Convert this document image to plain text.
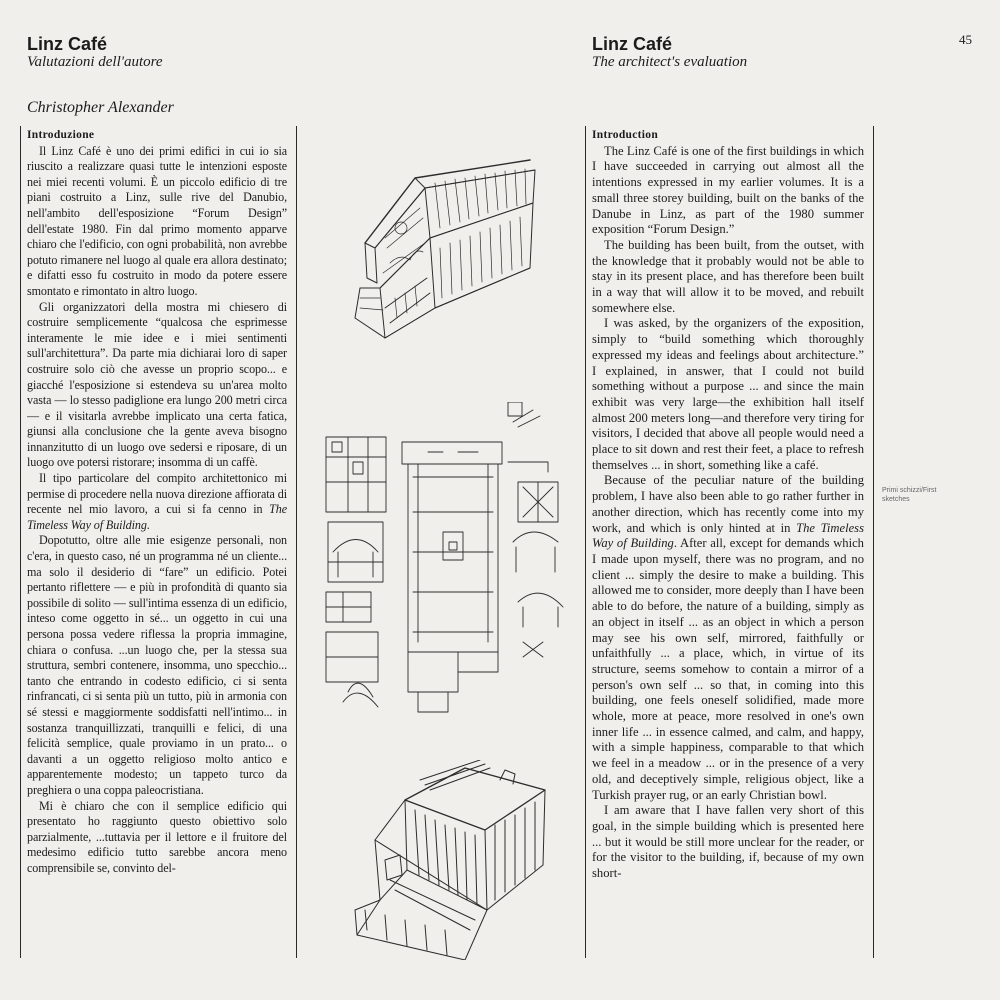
Linz Café
Valutazioni dell'autore
Christopher Alexander
Linz Café
The architect's evaluation
45
Introduzione

Il Linz Café è uno dei primi edifici in cui io sia riuscito a realizzare quasi tutte le intenzioni esposte nei miei recenti volumi. È un piccolo edificio di tre piani costruito a Linz, sulle rive del Danubio, nell'ambito dell'esposizione “Forum Design” dell'estate 1980. Fin dal primo momento apparve chiaro che l'edificio, con ogni probabilità, non avrebbe potuto rimanere nel luogo al quale era allora destinato; e difatti esso fu costruito in modo da potere essere smontato e rimontato in altro luogo.

Gli organizzatori della mostra mi chiesero di costruire semplicemente “qualcosa che esprimesse interamente le mie idee e i miei sentimenti sull'architettura”. Da parte mia dichiarai loro di saper costruire solo ciò che avesse un proprio scopo... e giacché l'esposizione si estendeva su un'area molto vasta — lo stesso padiglione era lungo 200 metri circa — e il visitarla avrebbe implicato una certa fatica, giunsi alla conclusione che la gente aveva bisogno innanzitutto di un luogo ove sedersi e riposare, di un luogo ove potersi ristorare; insomma di un caffè.

Il tipo particolare del compito architettonico mi permise di procedere nella nuova direzione affiorata di recente nel mio lavoro, a cui si fa cenno in The Timeless Way of Building.

Dopotutto, oltre alle mie esigenze personali, non c'era, in questo caso, né un programma né un cliente... ma solo il desiderio di “fare” un edificio. Potei pertanto riflettere — e più in profondità di quanto sia possibile di solito — sull'intima essenza di un edificio, inteso come oggetto in sé... un oggetto in cui una persona possa vedere riflessa la propria immagine, chiara o confusa. ...un luogo che, per la stessa sua struttura, sembri contenere, insomma, uno specchio... tanto che entrando in codesto edificio, ci si senta rinfrancati, ci si senta più un tutto, più in armonia con sé stessi e maggiormente soddisfatti nell'intimo... in sostanza tranquillizzati, tranquilli e felici, di una felicità semplice, quale proviamo in un prato... o davanti a un oggetto religioso molto antico e apparentemente modesto; un tappeto turco da preghiera o una coppa paleocristiana.

Mi è chiaro che con il semplice edificio qui presentato ho raggiunto questo obiettivo solo parzialmente, ...tuttavia per il lettore e il fruitore del medesimo edificio tutto sarebbe ancora meno comprensibile se, convinto del-

Introduction

The Linz Café is one of the first buildings in which I have succeeded in carrying out almost all the intentions expressed in my earlier volumes. It is a small three storey building, built on the banks of the Danube in Linz, as part of the 1980 summer exposition “Forum Design.”

The building has been built, from the outset, with the knowledge that it probably would not be able to stay in its present place, and has therefore been built in a way that will allow it to be moved, and rebuilt somewhere else.

I was asked, by the organizers of the exposition, simply to “build something which thoroughly expressed my ideas and feelings about architecture.” I explained, in answer, that I could not build something without a purpose ... and since the main exhibit was very large—the exhibition hall itself almost 200 meters long—and therefore very tiring for visitors, I decided that above all people would need a place to sit down and rest their feet, a place to refresh themselves ... in short, something like a café.

Because of the peculiar nature of the building problem, I have also been able to go rather further in another direction, which has recently come into my work, and which is only hinted at in The Timeless Way of Building. After all, except for demands which I made upon myself, there was no program, and no client ... simply the desire to make a building. This allowed me to consider, more deeply than I have been able to do before, the nature of a building, simply as an object in itself ... as an object in which a person may see his own self, mirrored, faithfully or unfaithfully ... a place, which, in virtue of its structure, seems somehow to contain a mirror of a person's own self ... so that, in coming into this building, one feels oneself solidified, made more whole, more at peace, more resolved in one's own inner life ... in essence calmed, and calm, and happy, with a simple happiness, comparable to that which we feel in a meadow ... or in the presence of a very old, and deceptively simple, religious object, like a Turkish prayer rug, or an early Christian bowl.

I am aware that I have fallen very short of this goal, in the simple building which is presented here ... but it would be still more unclear for the reader, or for the visitor to the building, if, because of my own short-

Primi schizzi/First sketches
